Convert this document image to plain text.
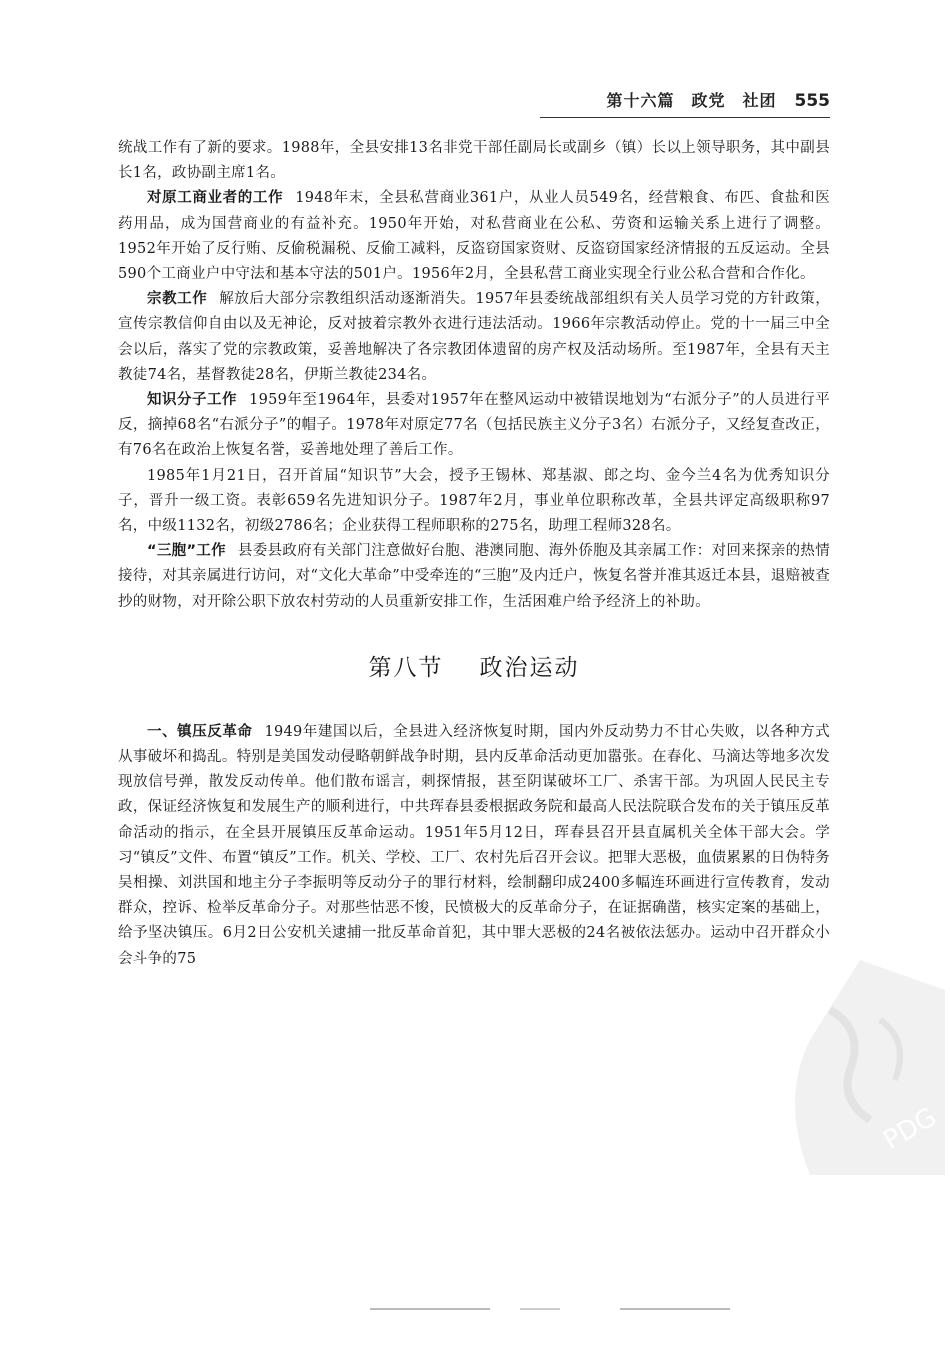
第十六篇　政党　社团 555

统战工作有了新的要求。1988年，全县安排13名非党干部任副局长或副乡（镇）长以上领导职务，其中副县长1名，政协副主席1名。

对原工商业者的工作 1948年末，全县私营商业361户，从业人员549名，经营粮食、布匹、食盐和医药用品，成为国营商业的有益补充。1950年开始，对私营商业在公私、劳资和运输关系上进行了调整。1952年开始了反行贿、反偷税漏税、反偷工减料，反盗窃国家资财、反盗窃国家经济情报的五反运动。全县590个工商业户中守法和基本守法的501户。1956年2月，全县私营工商业实现全行业公私合营和合作化。

宗教工作 解放后大部分宗教组织活动逐渐消失。1957年县委统战部组织有关人员学习党的方针政策，宣传宗教信仰自由以及无神论，反对披着宗教外衣进行违法活动。1966年宗教活动停止。党的十一届三中全会以后，落实了党的宗教政策，妥善地解决了各宗教团体遗留的房产权及活动场所。至1987年，全县有天主教徒74名，基督教徒28名，伊斯兰教徒234名。

知识分子工作 1959年至1964年，县委对1957年在整风运动中被错误地划为“右派分子”的人员进行平反，摘掉68名“右派分子”的帽子。1978年对原定77名（包括民族主义分子3名）右派分子，又经复查改正，有76名在政治上恢复名誉，妥善地处理了善后工作。

1985年1月21日，召开首届“知识节”大会，授予王锡林、郑基淑、郎之均、金今兰4名为优秀知识分子，晋升一级工资。表彰659名先进知识分子。1987年2月，事业单位职称改革，全县共评定高级职称97名，中级1132名，初级2786名；企业获得工程师职称的275名，助理工程师328名。

“三胞”工作 县委县政府有关部门注意做好台胞、港澳同胞、海外侨胞及其亲属工作：对回来探亲的热情接待，对其亲属进行访问，对“文化大革命”中受牵连的“三胞”及内迁户，恢复名誉并准其返迁本县，退赔被查抄的财物，对开除公职下放农村劳动的人员重新安排工作，生活困难户给予经济上的补助。

第八节 政治运动

一、镇压反革命 1949年建国以后，全县进入经济恢复时期，国内外反动势力不甘心失败，以各种方式从事破坏和捣乱。特别是美国发动侵略朝鲜战争时期，县内反革命活动更加嚣张。在春化、马滴达等地多次发现放信号弹，散发反动传单。他们散布谣言，刺探情报，甚至阴谋破坏工厂、杀害干部。为巩固人民民主专政，保证经济恢复和发展生产的顺利进行，中共珲春县委根据政务院和最高人民法院联合发布的关于镇压反革命活动的指示，在全县开展镇压反革命运动。1951年5月12日，珲春县召开县直属机关全体干部大会。学习“镇反”文件、布置“镇反”工作。机关、学校、工厂、农村先后召开会议。把罪大恶极，血债累累的日伪特务吴相操、刘洪国和地主分子李振明等反动分子的罪行材料，绘制翻印成2400多幅连环画进行宣传教育，发动群众，控诉、检举反革命分子。对那些怙恶不悛，民愤极大的反革命分子，在证据确凿，核实定案的基础上，给予坚决镇压。6月2日公安机关逮捕一批反革命首犯，其中罪大恶极的24名被依法惩办。运动中召开群众小会斗争的75

PDG
